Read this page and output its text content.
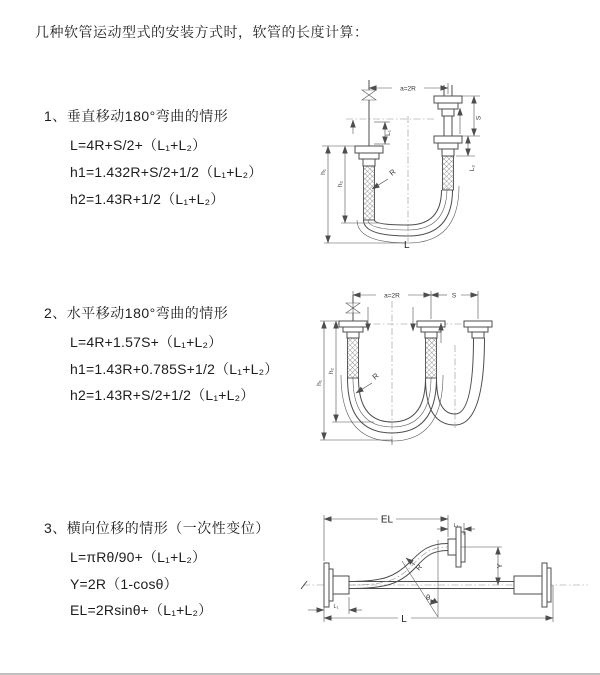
几种软管运动型式的安装方式时，软管的长度计算：
1、垂直移动180°弯曲的情形
L=4R+S/2+（L₁+L₂）
h1=1.432R+S/2+1/2（L₁+L₂）
h2=1.43R+1/2（L₁+L₂）
2、水平移动180°弯曲的情形
L=4R+1.57S+（L₁+L₂）
h1=1.43R+0.785S+1/2（L₁+L₂）
h2=1.43R+S/2+1/2（L₁+L₂）
3、横向位移的情形（一次性变位）
L=πRθ/90+（L₁+L₂）
Y=2R（1-cosθ）
EL=2Rsinθ+（L₁+L₂）
a=2R
S
L₂
L₁
h₁
h₂
R
L
a=2R	S
h₁
h₂
R
EL
L₁
Y
θ
R
L₁
L
